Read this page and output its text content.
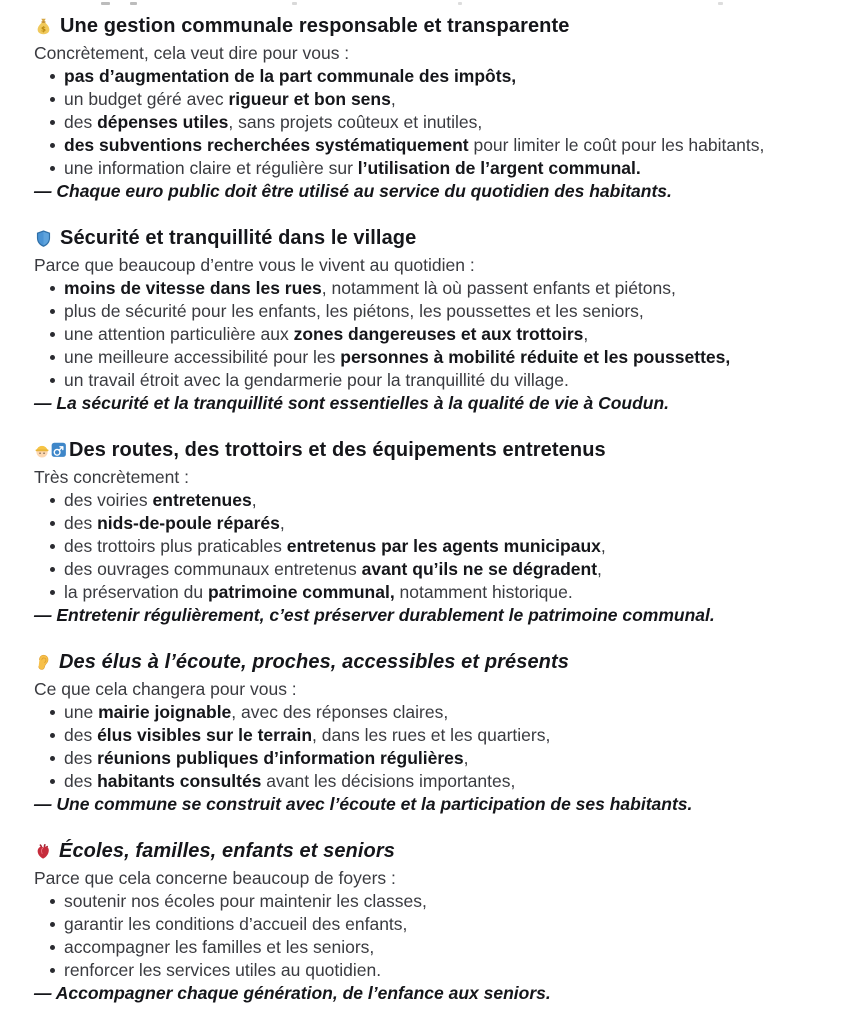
$ Une gestion communale responsable et transparente

Concrètement, cela veut dire pour vous :

pas d’augmentation de la part communale des impôts,
un budget géré avec rigueur et bon sens,
des dépenses utiles, sans projets coûteux et inutiles,
des subventions recherchées systématiquement pour limiter le coût pour les habitants,
une information claire et régulière sur l’utilisation de l’argent communal.

— Chaque euro public doit être utilisé au service du quotidien des habitants.

Sécurité et tranquillité dans le village

Parce que beaucoup d’entre vous le vivent au quotidien :

moins de vitesse dans les rues, notamment là où passent enfants et piétons,
plus de sécurité pour les enfants, les piétons, les poussettes et les seniors,
une attention particulière aux zones dangereuses et aux trottoirs,
une meilleure accessibilité pour les personnes à mobilité réduite et les poussettes,
un travail étroit avec la gendarmerie pour la tranquillité du village.

— La sécurité et la tranquillité sont essentielles à la qualité de vie à Coudun.

Des routes, des trottoirs et des équipements entretenus

Très concrètement :

des voiries entretenues,
des nids-de-poule réparés,
des trottoirs plus praticables entretenus par les agents municipaux,
des ouvrages communaux entretenus avant qu’ils ne se dégradent,
la préservation du patrimoine communal, notamment historique.

— Entretenir régulièrement, c’est préserver durablement le patrimoine communal.

Des élus à l’écoute, proches, accessibles et présents

Ce que cela changera pour vous :

une mairie joignable, avec des réponses claires,
des élus visibles sur le terrain, dans les rues et les quartiers,
des réunions publiques d’information régulières,
des habitants consultés avant les décisions importantes,

— Une commune se construit avec l’écoute et la participation de ses habitants.

Écoles, familles, enfants et seniors

Parce que cela concerne beaucoup de foyers :

soutenir nos écoles pour maintenir les classes,
garantir les conditions d’accueil des enfants,
accompagner les familles et les seniors,
renforcer les services utiles au quotidien.

— Accompagner chaque génération, de l’enfance aux seniors.
